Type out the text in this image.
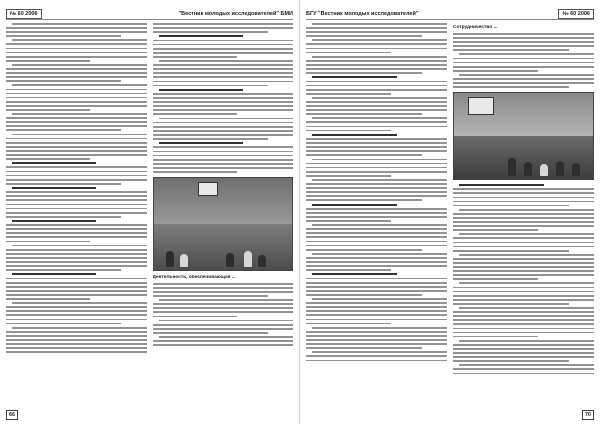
№ 60 2006	"Вестник молодых исследователей" БМИ
Деятельность, обеспечивающая ...
66
БГУ "Вестник молодых исследователей"	№ 60 2006
Сотрудничество ...
70
